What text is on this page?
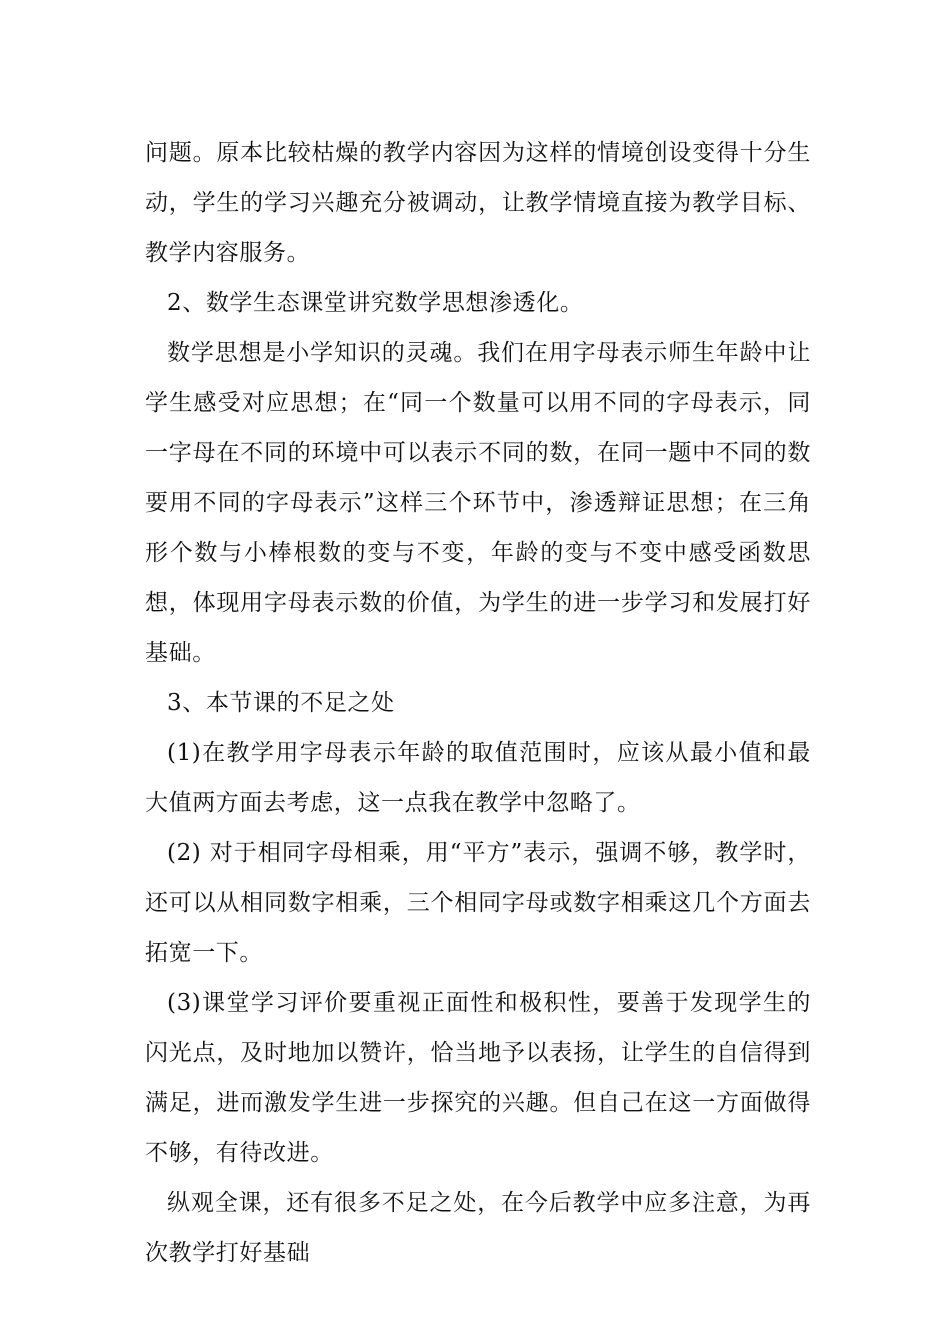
问题。原本比较枯燥的教学内容因为这样的情境创设变得十分生动，学生的学习兴趣充分被调动，让教学情境直接为教学目标、教学内容服务。

2、数学生态课堂讲究数学思想渗透化。

数学思想是小学知识的灵魂。我们在用字母表示师生年龄中让学生感受对应思想；在“同一个数量可以用不同的字母表示，同一字母在不同的环境中可以表示不同的数，在同一题中不同的数要用不同的字母表示”这样三个环节中，渗透辩证思想；在三角形个数与小棒根数的变与不变，年龄的变与不变中感受函数思想，体现用字母表示数的价值，为学生的进一步学习和发展打好基础。

3、本节课的不足之处

(1)在教学用字母表示年龄的取值范围时，应该从最小值和最大值两方面去考虑，这一点我在教学中忽略了。

(2) 对于相同字母相乘，用“平方”表示，强调不够，教学时，还可以从相同数字相乘，三个相同字母或数字相乘这几个方面去拓宽一下。

(3)课堂学习评价要重视正面性和极积性，要善于发现学生的闪光点，及时地加以赞许，恰当地予以表扬，让学生的自信得到满足，进而激发学生进一步探究的兴趣。但自己在这一方面做得不够，有待改进。

纵观全课，还有很多不足之处，在今后教学中应多注意，为再次教学打好基础
